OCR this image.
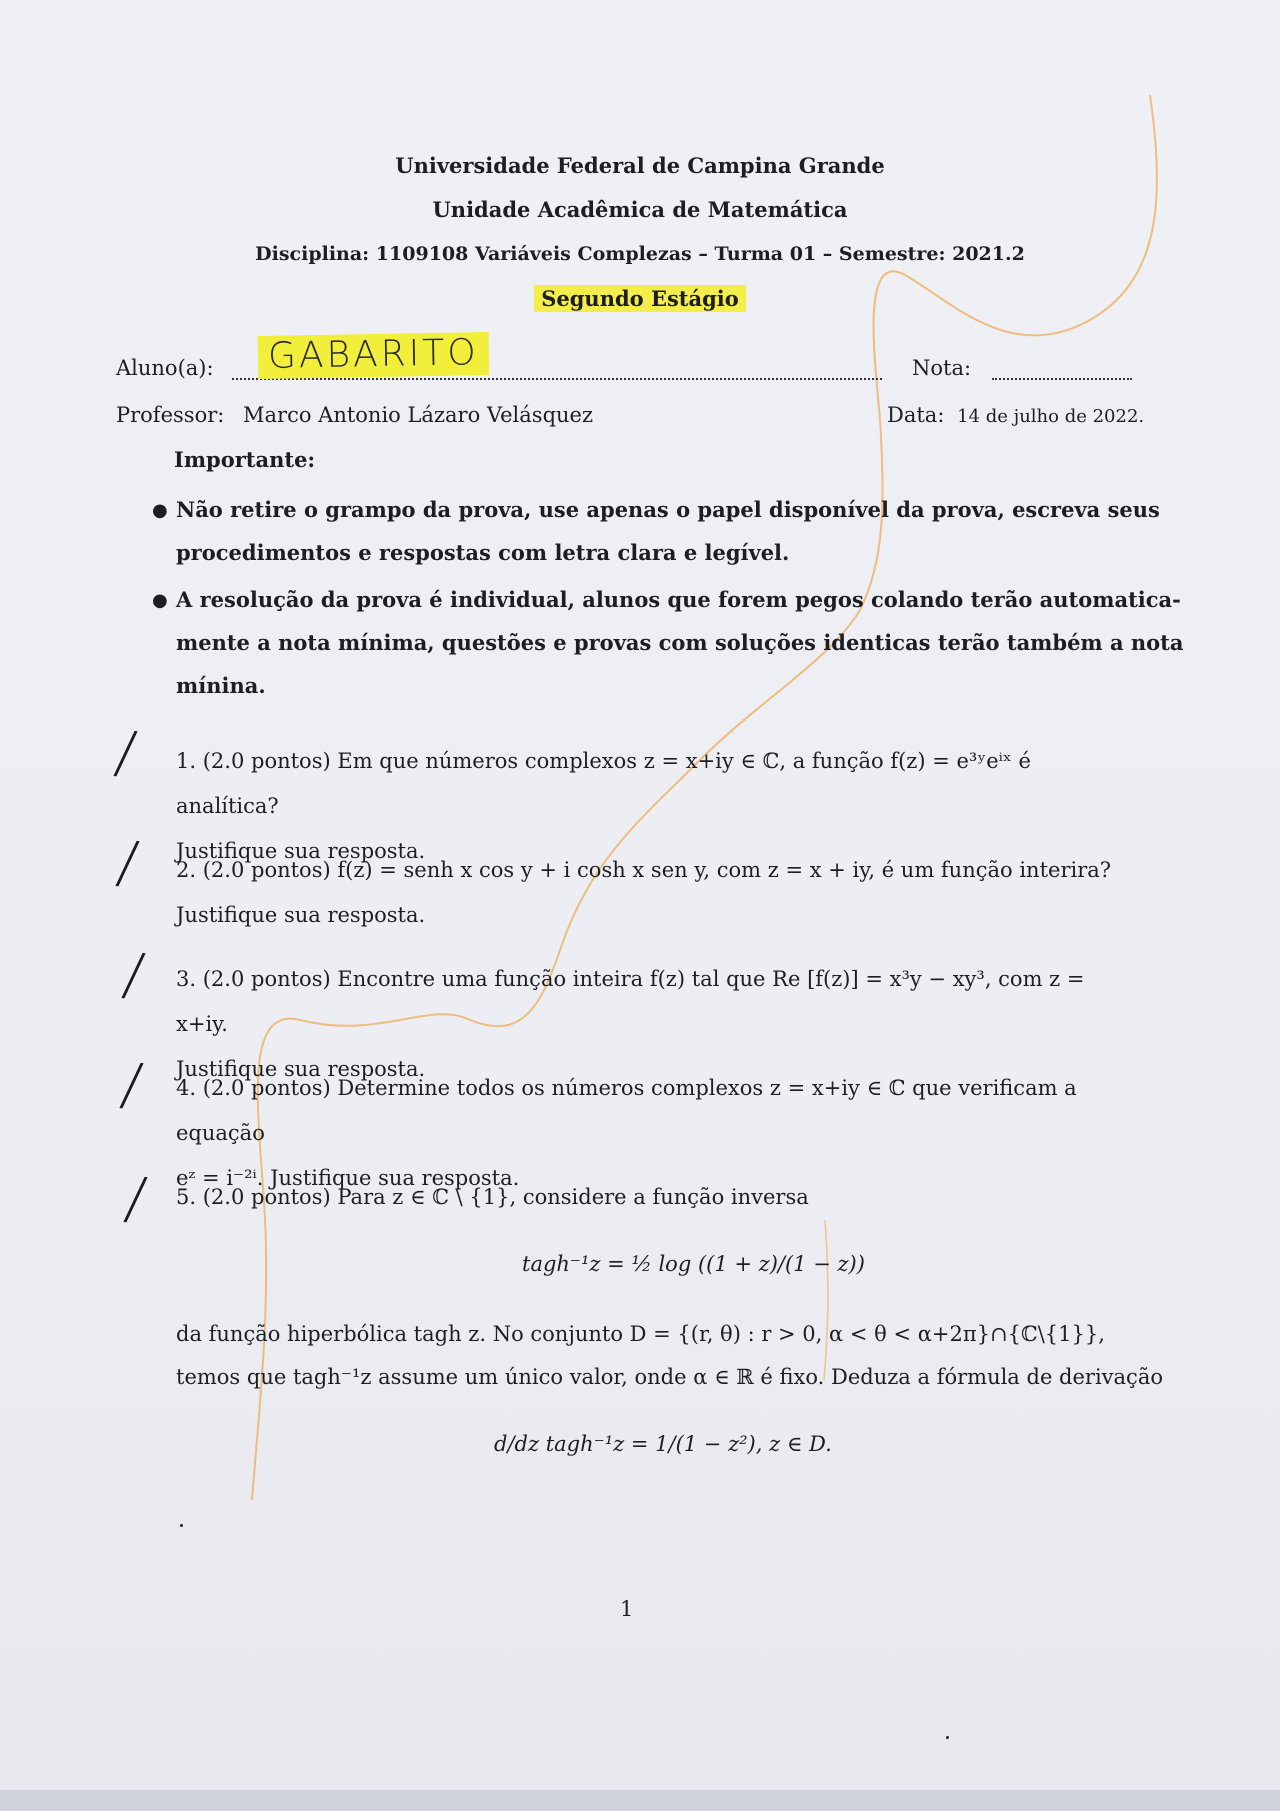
Universidade Federal de Campina Grande
Unidade Acadêmica de Matemática
Disciplina: 1109108 Variáveis Complezas – Turma 01 – Semestre: 2021.2
Segundo Estágio
Aluno(a): GABARITO	Nota:
Professor: Marco Antonio Lázaro Velásquez	Data: 14 de julho de 2022.
Importante:
● Não retire o grampo da prova, use apenas o papel disponível da prova, escreva seus
procedimentos e respostas com letra clara e legível.
● A resolução da prova é individual, alunos que forem pegos colando terão automatica-
mente a nota mínima, questões e provas com soluções identicas terão também a nota
mínina.
/ 1. (2.0 pontos) Em que números complexos z = x+iy ∈ ℂ, a função f(z) = e³ʸeⁱˣ é analítica?
Justifique sua resposta.
/ 2. (2.0 pontos) f(z) = senh x cos y + i cosh x sen y, com z = x + iy, é um função interira?
Justifique sua resposta.
/ 3. (2.0 pontos) Encontre uma função inteira f(z) tal que Re [f(z)] = x³y − xy³, com z = x+iy.
Justifique sua resposta.
/ 4. (2.0 pontos) Determine todos os números complexos z = x+iy ∈ ℂ que verificam a equação
eᶻ = i⁻²ⁱ. Justifique sua resposta.
/ 5. (2.0 pontos) Para z ∈ ℂ \ {1}, considere a função inversa
tagh⁻¹z = ½ log ((1 + z)/(1 − z))
da função hiperbólica tagh z. No conjunto D = {(r, θ) : r > 0, α < θ < α+2π}∩{ℂ\{1}},
temos que tagh⁻¹z assume um único valor, onde α ∈ ℝ é fixo. Deduza a fórmula de derivação
d/dz tagh⁻¹z = 1/(1 − z²), z ∈ D.
1
